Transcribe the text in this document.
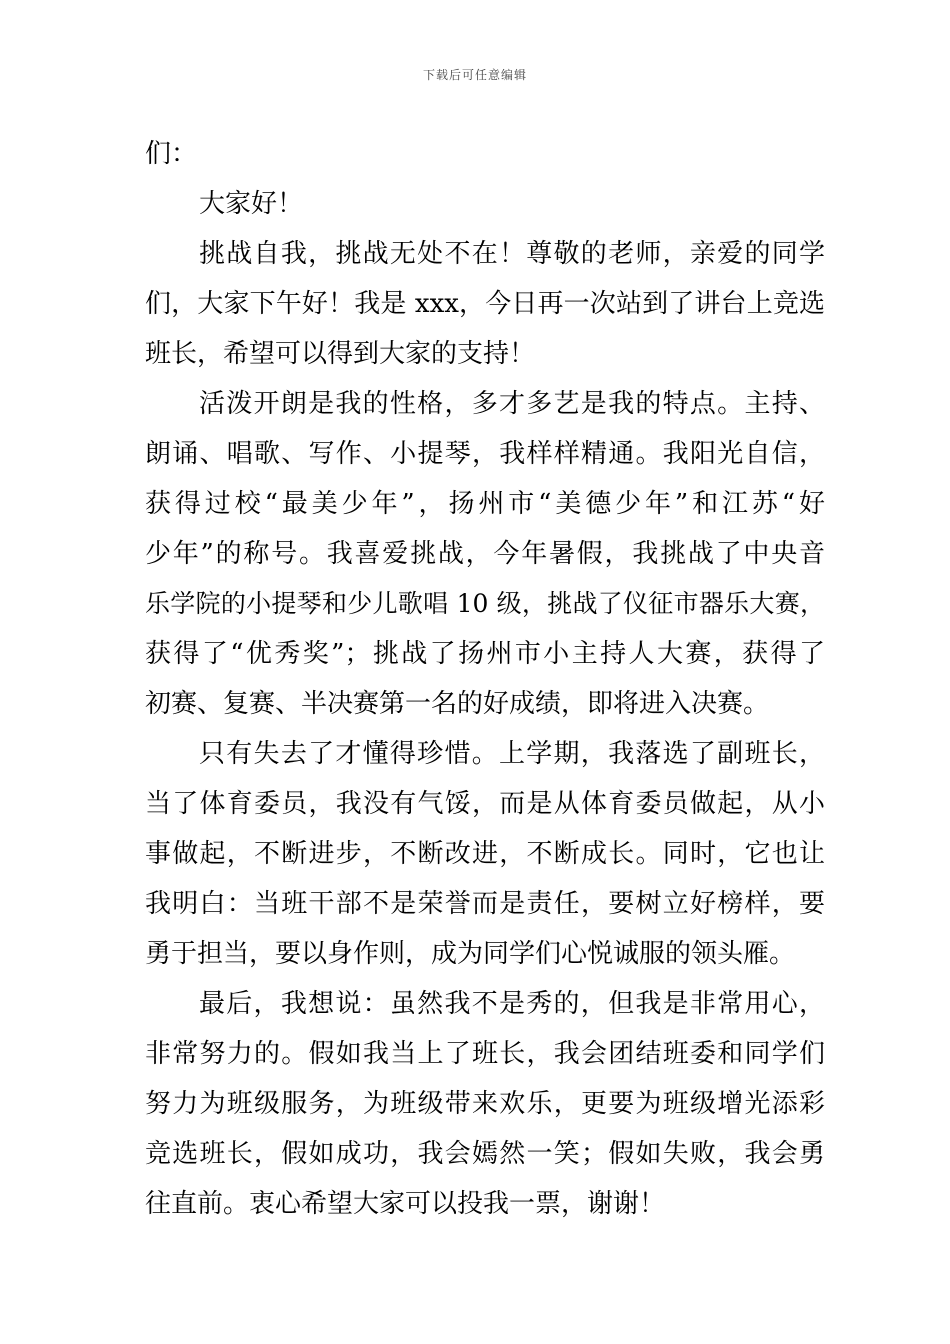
下载后可任意编辑
们：
大家好！
挑战自我，挑战无处不在！尊敬的老师，亲爱的同学
们，大家下午好！我是 xxx，今日再一次站到了讲台上竞选
班长，希望可以得到大家的支持！
活泼开朗是我的性格，多才多艺是我的特点。主持、
朗诵、唱歌、写作、小提琴，我样样精通。我阳光自信，
获得过校“最美少年”，扬州市“美德少年”和江苏“好
少年”的称号。我喜爱挑战，今年暑假，我挑战了中央音
乐学院的小提琴和少儿歌唱 10 级，挑战了仪征市器乐大赛，
获得了“优秀奖”；挑战了扬州市小主持人大赛，获得了
初赛、复赛、半决赛第一名的好成绩，即将进入决赛。
只有失去了才懂得珍惜。上学期，我落选了副班长，
当了体育委员，我没有气馁，而是从体育委员做起，从小
事做起，不断进步，不断改进，不断成长。同时，它也让
我明白：当班干部不是荣誉而是责任，要树立好榜样，要
勇于担当，要以身作则，成为同学们心悦诚服的领头雁。
最后，我想说：虽然我不是秀的，但我是非常用心，
非常努力的。假如我当上了班长，我会团结班委和同学们
努力为班级服务，为班级带来欢乐，更要为班级增光添彩
竞选班长，假如成功，我会嫣然一笑；假如失败，我会勇
往直前。衷心希望大家可以投我一票，谢谢！
